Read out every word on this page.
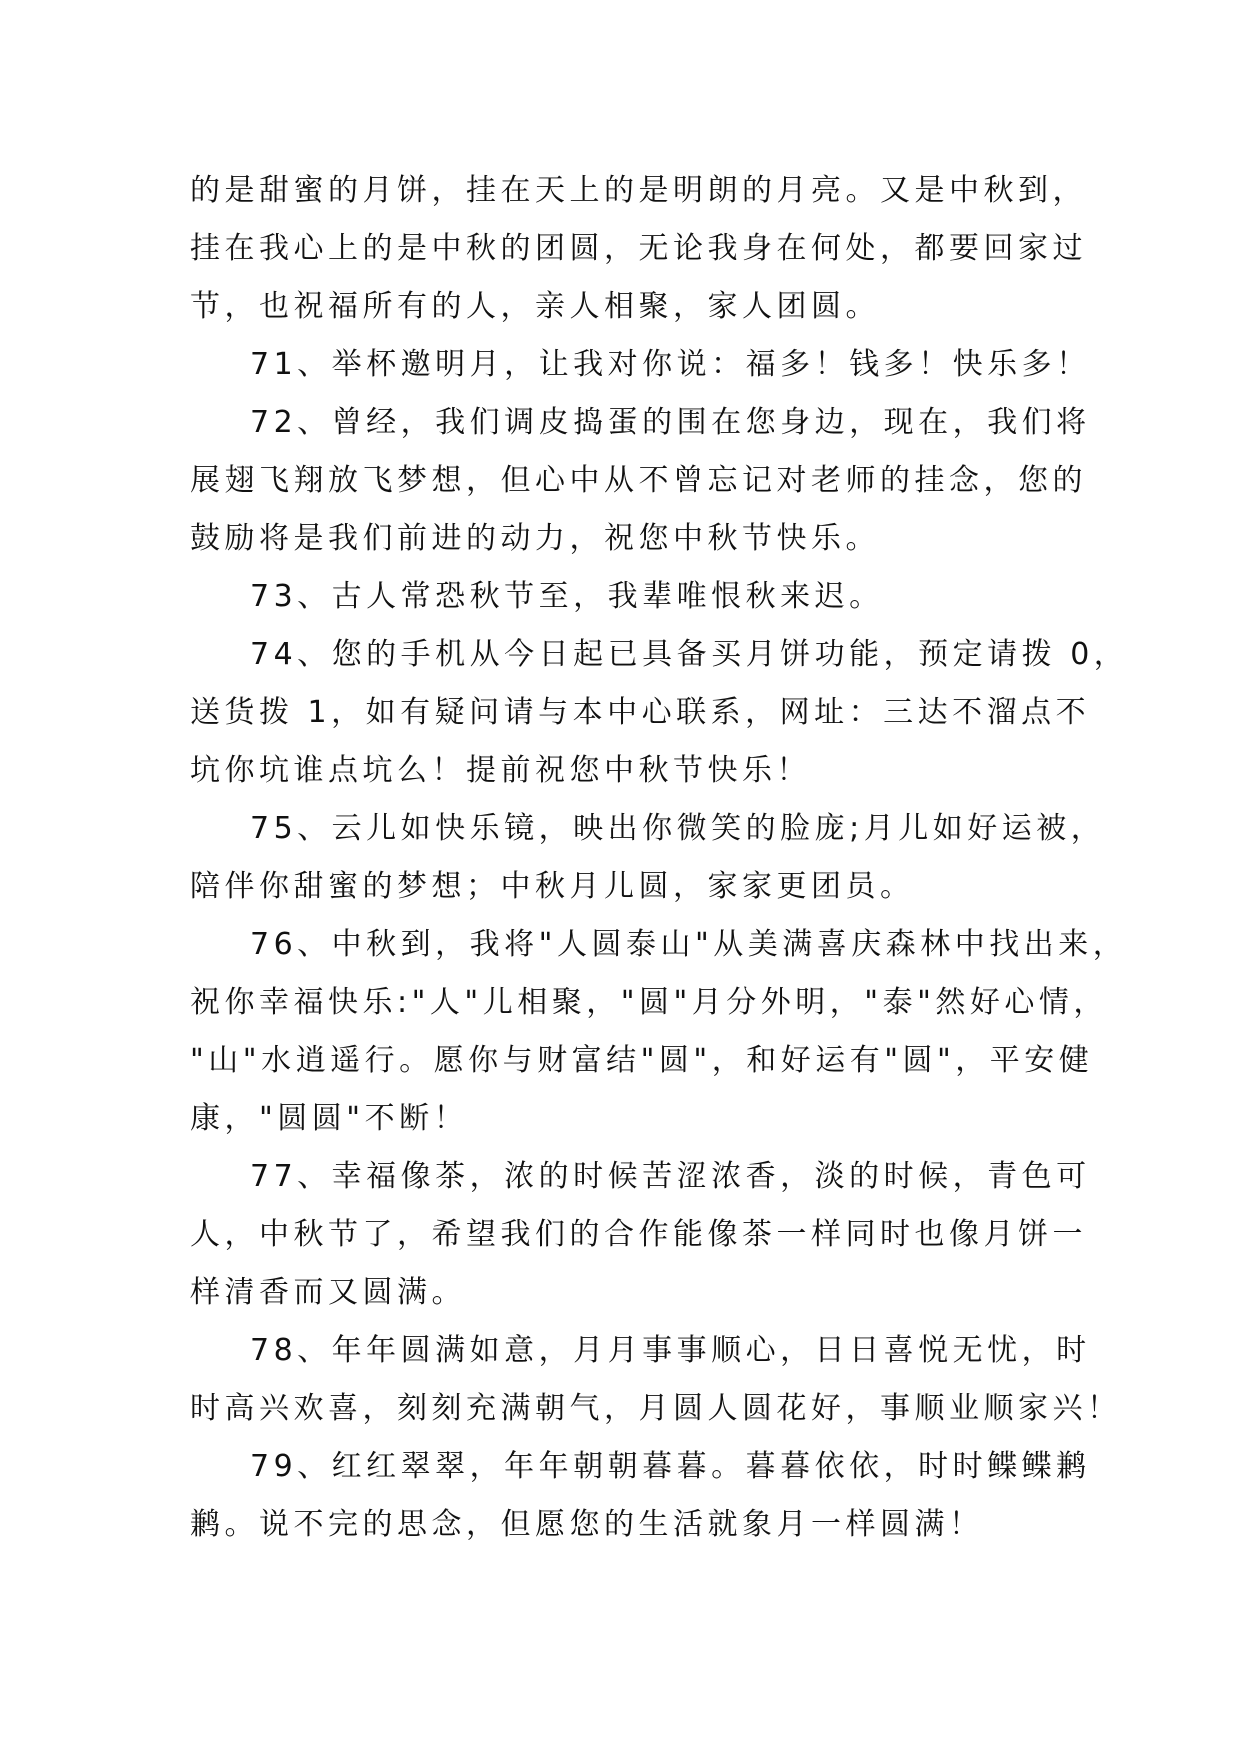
的是甜蜜的月饼，挂在天上的是明朗的月亮。又是中秋到，
挂在我心上的是中秋的团圆，无论我身在何处，都要回家过
节，也祝福所有的人，亲人相聚，家人团圆。
71、举杯邀明月，让我对你说：福多！钱多！快乐多！
72、曾经，我们调皮捣蛋的围在您身边，现在，我们将
展翅飞翔放飞梦想，但心中从不曾忘记对老师的挂念，您的
鼓励将是我们前进的动力，祝您中秋节快乐。
73、古人常恐秋节至，我辈唯恨秋来迟。
74、您的手机从今日起已具备买月饼功能，预定请拨 0，
送货拨 1，如有疑问请与本中心联系，网址：三达不溜点不
坑你坑谁点坑么！提前祝您中秋节快乐！
75、云儿如快乐镜，映出你微笑的脸庞;月儿如好运被，
陪伴你甜蜜的梦想；中秋月儿圆，家家更团员。
76、中秋到，我将"人圆泰山"从美满喜庆森林中找出来，
祝你幸福快乐:"人"儿相聚，"圆"月分外明，"泰"然好心情，
"山"水逍遥行。愿你与财富结"圆"，和好运有"圆"，平安健
康，"圆圆"不断！
77、幸福像茶，浓的时候苦涩浓香，淡的时候，青色可
人，中秋节了，希望我们的合作能像茶一样同时也像月饼一
样清香而又圆满。
78、年年圆满如意，月月事事顺心，日日喜悦无忧，时
时高兴欢喜，刻刻充满朝气，月圆人圆花好，事顺业顺家兴！
79、红红翠翠，年年朝朝暮暮。暮暮依依，时时鲽鲽鹣
鹣。说不完的思念，但愿您的生活就象月一样圆满！
